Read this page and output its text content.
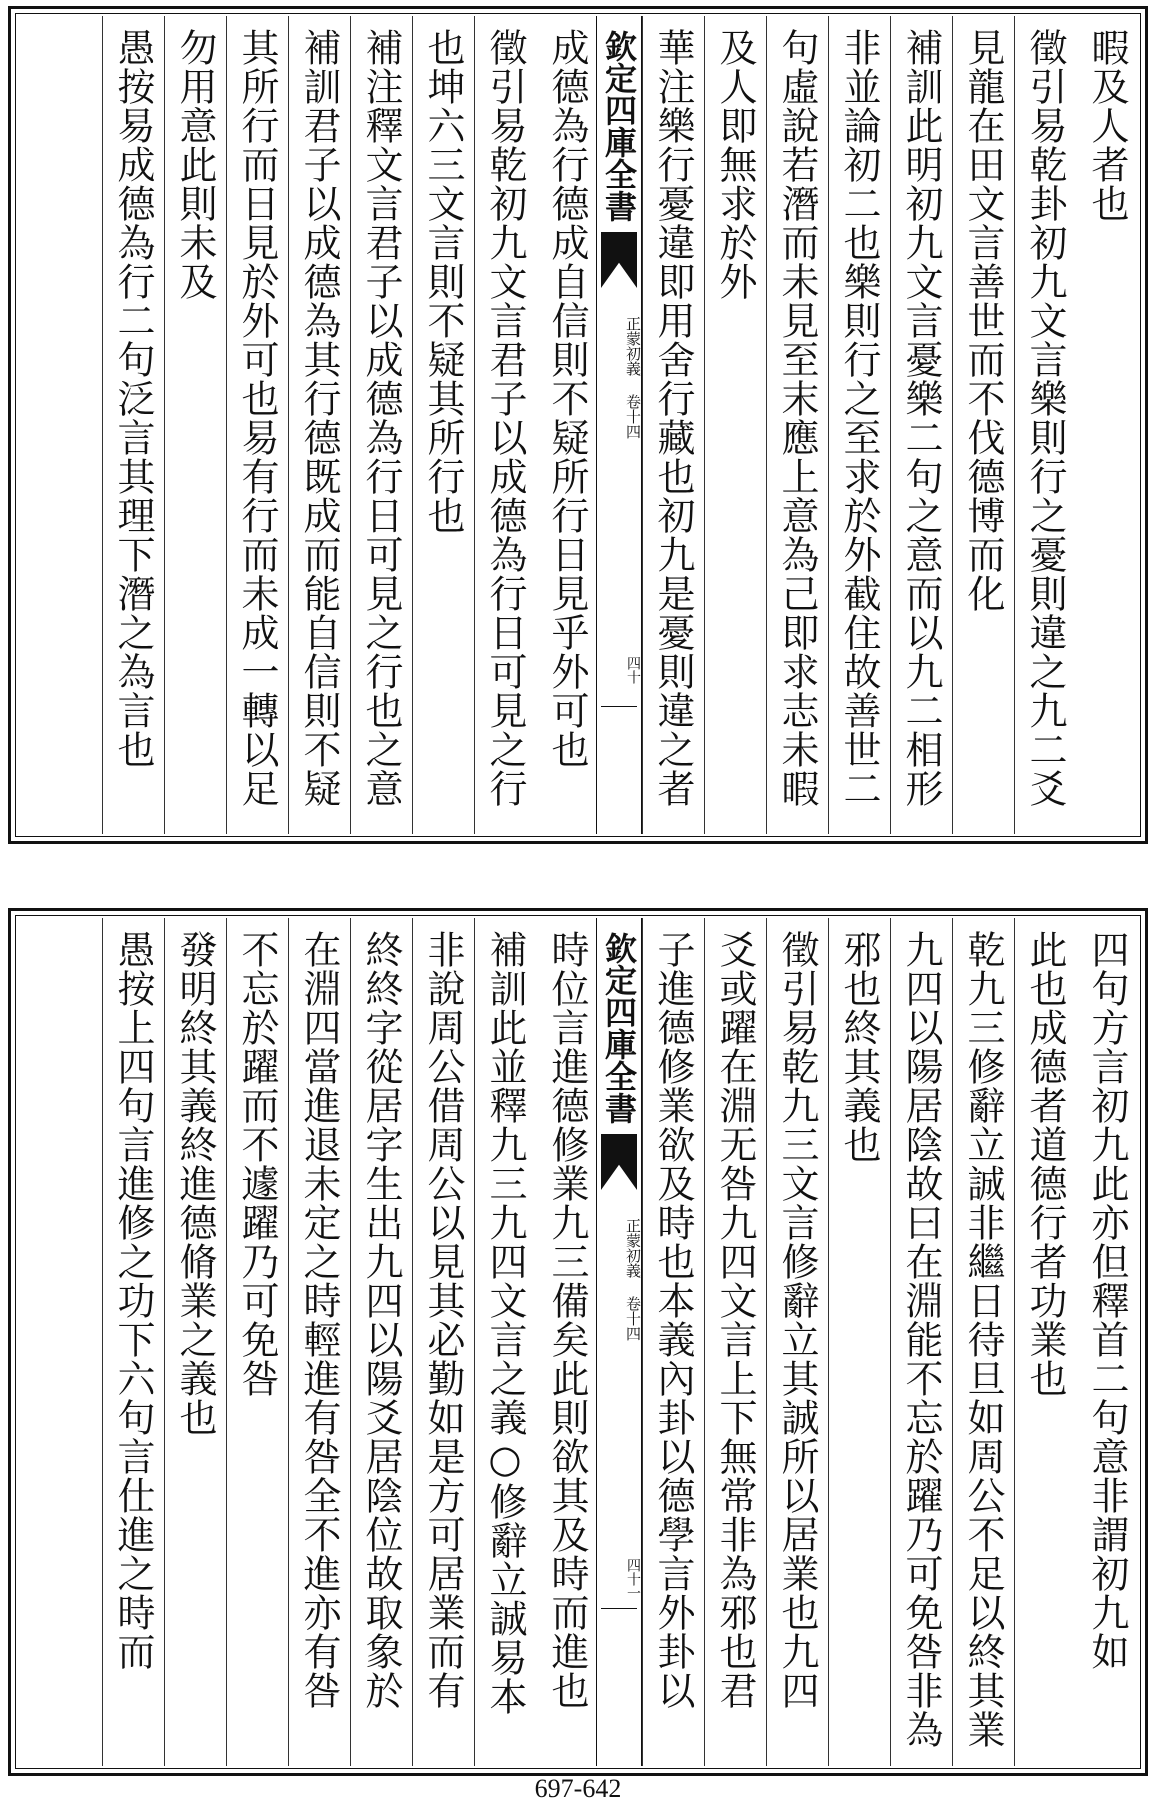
暇及人者也
徵引易乾卦初九文言樂則行之憂則違之九二爻
見龍在田文言善世而不伐德博而化
補訓此明初九文言憂樂二句之意而以九二相形
非並論初二也樂則行之至求於外截住故善世二
句虛說若潛而未見至末應上意為己即求志未暇
及人即無求於外
華注樂行憂違即用舍行藏也初九是憂則違之者
欽定四庫全書
正蒙初義 卷十四
四十
成德為行德成自信則不疑所行日見乎外可也
徵引易乾初九文言君子以成德為行日可見之行
也坤六三文言則不疑其所行也
補注釋文言君子以成德為行日可見之行也之意
補訓君子以成德為其行德既成而能自信則不疑
其所行而日見於外可也易有行而未成一轉以足
勿用意此則未及
愚按易成德為行二句泛言其理下潛之為言也
四句方言初九此亦但釋首二句意非謂初九如
此也成德者道德行者功業也
乾九三修辭立誠非繼日待旦如周公不足以終其業
九四以陽居陰故曰在淵能不忘於躍乃可免咎非為
邪也終其義也
徵引易乾九三文言修辭立其誠所以居業也九四
爻或躍在淵无咎九四文言上下無常非為邪也君
子進德修業欲及時也本義內卦以德學言外卦以
欽定四庫全書
正蒙初義 卷十四
四十一
時位言進德修業九三備矣此則欲其及時而進也
補訓此並釋九三九四文言之義○修辭立誠易本
非說周公借周公以見其必勤如是方可居業而有
終終字從居字生出九四以陽爻居陰位故取象於
在淵四當進退未定之時輕進有咎全不進亦有咎
不忘於躍而不遽躍乃可免咎
發明終其義終進德脩業之義也
愚按上四句言進修之功下六句言仕進之時而
697-642
